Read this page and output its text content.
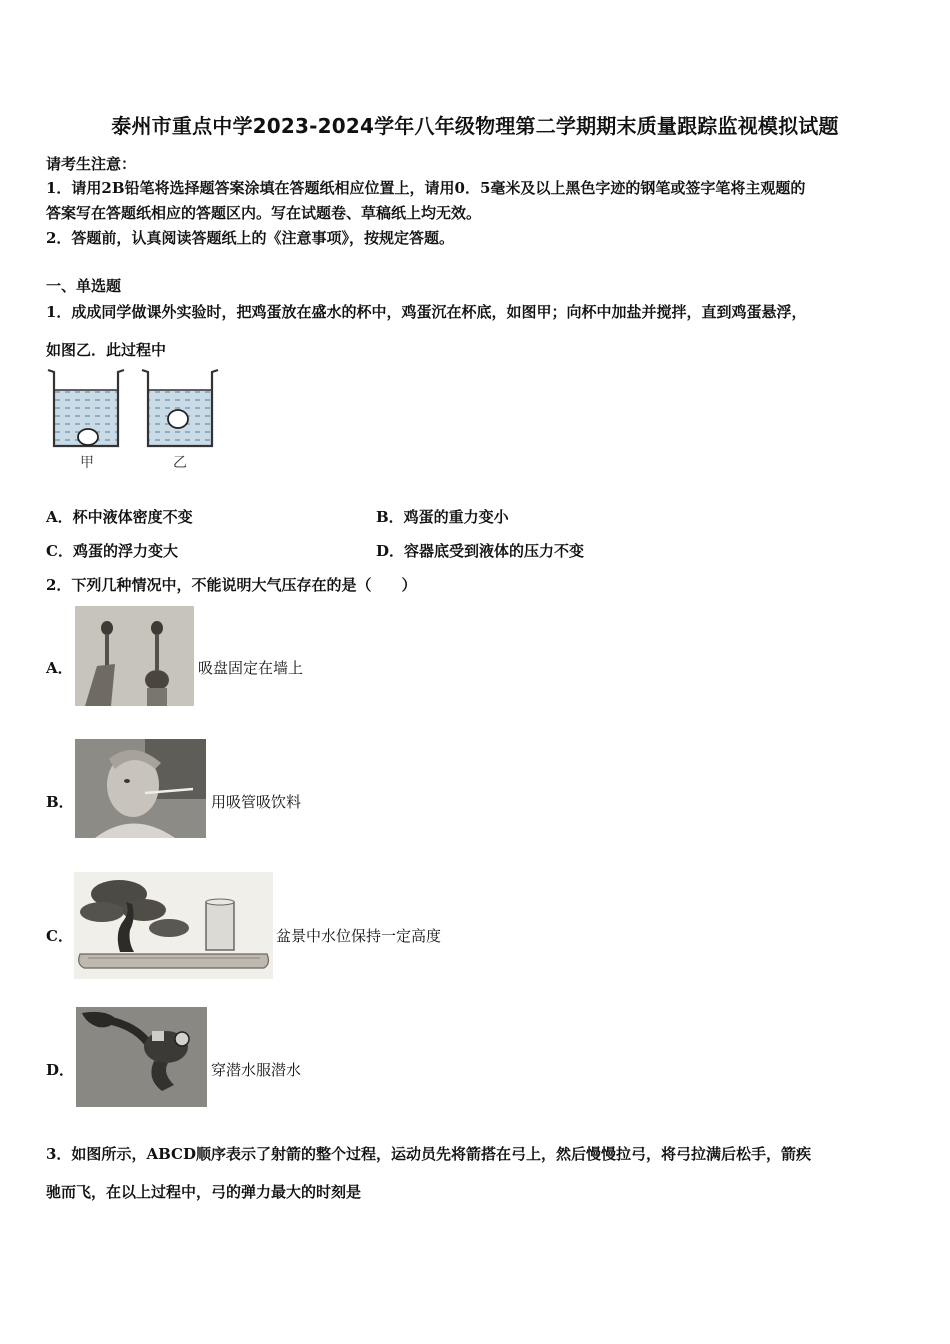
泰州市重点中学2023-2024学年八年级物理第二学期期末质量跟踪监视模拟试题
请考生注意：
1．请用2B铅笔将选择题答案涂填在答题纸相应位置上，请用0．5毫米及以上黑色字迹的钢笔或签字笔将主观题的
答案写在答题纸相应的答题区内。写在试题卷、草稿纸上均无效。
2．答题前，认真阅读答题纸上的《注意事项》，按规定答题。
一、单选题
1．成成同学做课外实验时，把鸡蛋放在盛水的杯中，鸡蛋沉在杯底，如图甲；向杯中加盐并搅拌，直到鸡蛋悬浮，
如图乙．此过程中
甲	乙
A．杯中液体密度不变	B．鸡蛋的重力变小
C．鸡蛋的浮力变大	D．容器底受到液体的压力不变
2．下列几种情况中，不能说明大气压存在的是（　　）
A．	吸盘固定在墙上
B．	用吸管吸饮料
C．	盆景中水位保持一定高度
D．	穿潜水服潜水
3．如图所示，ABCD顺序表示了射箭的整个过程，运动员先将箭搭在弓上，然后慢慢拉弓，将弓拉满后松手，箭疾
驰而飞，在以上过程中，弓的弹力最大的时刻是
